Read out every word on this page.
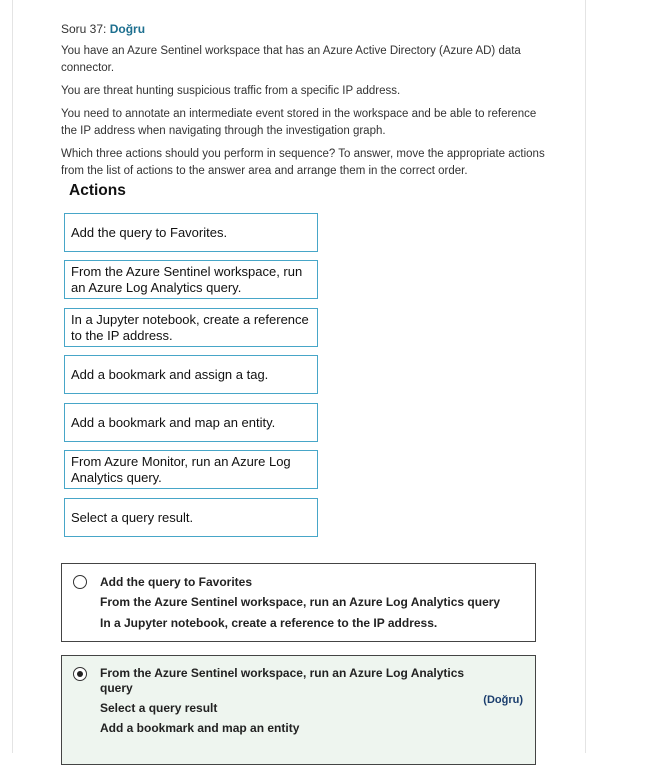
Soru 37: Doğru
You have an Azure Sentinel workspace that has an Azure Active Directory (Azure AD) data connector.
You are threat hunting suspicious traffic from a specific IP address.
You need to annotate an intermediate event stored in the workspace and be able to reference the IP address when navigating through the investigation graph.
Which three actions should you perform in sequence? To answer, move the appropriate actions from the list of actions to the answer area and arrange them in the correct order.
Actions
Add the query to Favorites.
From the Azure Sentinel workspace, run an Azure Log Analytics query.
In a Jupyter notebook, create a reference to the IP address.
Add a bookmark and assign a tag.
Add a bookmark and map an entity.
From Azure Monitor, run an Azure Log Analytics query.
Select a query result.
Add the query to Favorites
From the Azure Sentinel workspace, run an Azure Log Analytics query
In a Jupyter notebook, create a reference to the IP address.
From the Azure Sentinel workspace, run an Azure Log Analytics
query
Select a query result
Add a bookmark and map an entity
(Doğru)
